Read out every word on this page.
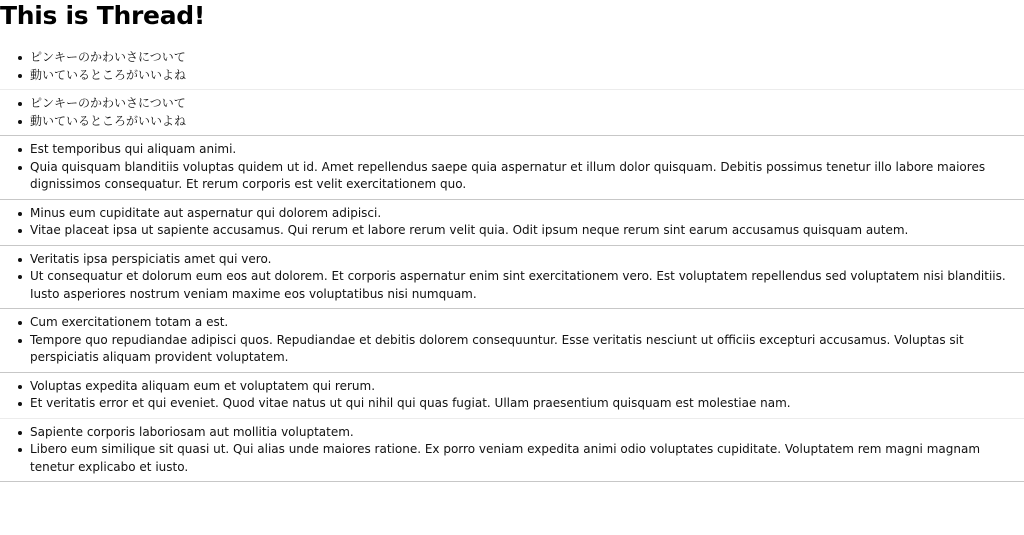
This is Thread!
ピンキーのかわいさについて
動いているところがいいよね
ピンキーのかわいさについて
動いているところがいいよね
Est temporibus qui aliquam animi.
Quia quisquam blanditiis voluptas quidem ut id. Amet repellendus saepe quia aspernatur et illum dolor quisquam. Debitis possimus tenetur illo labore maiores dignissimos consequatur. Et rerum corporis est velit exercitationem quo.
Minus eum cupiditate aut aspernatur qui dolorem adipisci.
Vitae placeat ipsa ut sapiente accusamus. Qui rerum et labore rerum velit quia. Odit ipsum neque rerum sint earum accusamus quisquam autem.
Veritatis ipsa perspiciatis amet qui vero.
Ut consequatur et dolorum eum eos aut dolorem. Et corporis aspernatur enim sint exercitationem vero. Est voluptatem repellendus sed voluptatem nisi blanditiis. Iusto asperiores nostrum veniam maxime eos voluptatibus nisi numquam.
Cum exercitationem totam a est.
Tempore quo repudiandae adipisci quos. Repudiandae et debitis dolorem consequuntur. Esse veritatis nesciunt ut officiis excepturi accusamus. Voluptas sit perspiciatis aliquam provident voluptatem.
Voluptas expedita aliquam eum et voluptatem qui rerum.
Et veritatis error et qui eveniet. Quod vitae natus ut qui nihil qui quas fugiat. Ullam praesentium quisquam est molestiae nam.
Sapiente corporis laboriosam aut mollitia voluptatem.
Libero eum similique sit quasi ut. Qui alias unde maiores ratione. Ex porro veniam expedita animi odio voluptates cupiditate. Voluptatem rem magni magnam tenetur explicabo et iusto.
